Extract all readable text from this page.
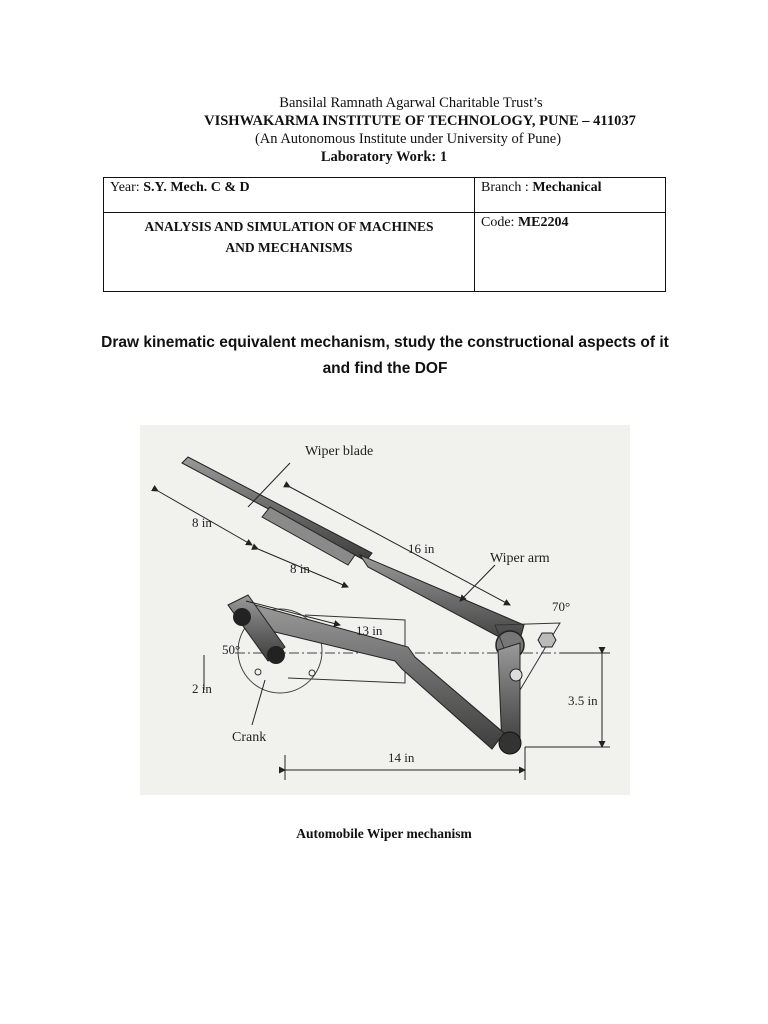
Bansilal Ramnath Agarwal Charitable Trust’s
VISHWAKARMA INSTITUTE OF TECHNOLOGY, PUNE – 411037
(An Autonomous Institute under University of Pune)
Laboratory Work: 1
Year: S.Y. Mech. C & D	Branch : Mechanical

ANALYSIS AND SIMULATION OF MACHINES
AND MECHANISMS	Code: ME2204
Draw kinematic equivalent mechanism, study the constructional aspects of it
and find the DOF
Wiper blade
Wiper arm
Crank
8 in
8 in
16 in
13 in
14 in
3.5 in
2 in
50°
70°
Automobile Wiper mechanism
